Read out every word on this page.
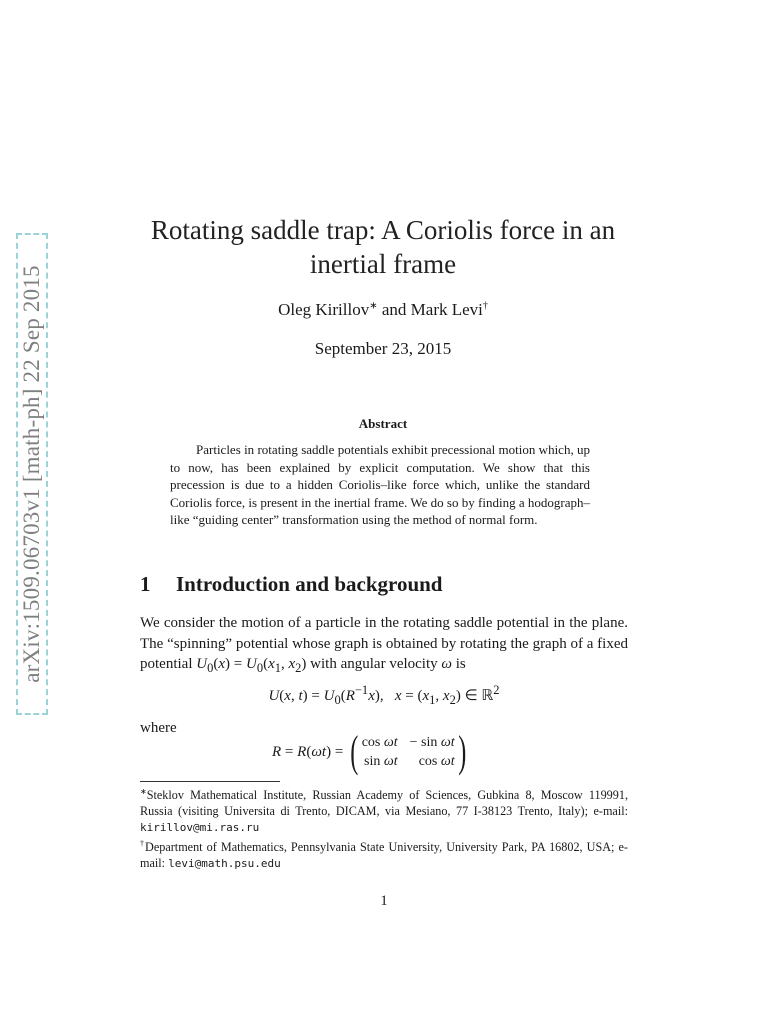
arXiv:1509.06703v1 [math-ph] 22 Sep 2015
Rotating saddle trap: A Coriolis force in an
inertial frame
Oleg Kirillov∗ and Mark Levi†
September 23, 2015
Abstract
Particles in rotating saddle potentials exhibit precessional motion which, up to now, has been explained by explicit computation. We show that this precession is due to a hidden Coriolis–like force which, unlike the standard Coriolis force, is present in the inertial frame. We do so by finding a hodograph–like “guiding center” transformation using the method of normal form.
1 Introduction and background
We consider the motion of a particle in the rotating saddle potential in the plane. The “spinning” potential whose graph is obtained by rotating the graph of a fixed potential $U_0(x) = U_0(x_1$, $x_2$) with angular velocity ω is
U(x, $t) = U_0(R^{-1}x)$,   $x = (x_1$, $x_2$) ∈ ℝ$^2$
where
R = R(ωt) = ( cos ωt − sin ωt
sin ωt	cos ωt )

∗Steklov Mathematical Institute, Russian Academy of Sciences, Gubkina 8, Moscow 119991, Russia (visiting Universita di Trento, DICAM, via Mesiano, 77 I-38123 Trento, Italy); e-mail: kirillov@mi.ras.ru

†Department of Mathematics, Pennsylvania State University, University Park, PA 16802, USA; e-mail: levi@math.psu.edu

1
